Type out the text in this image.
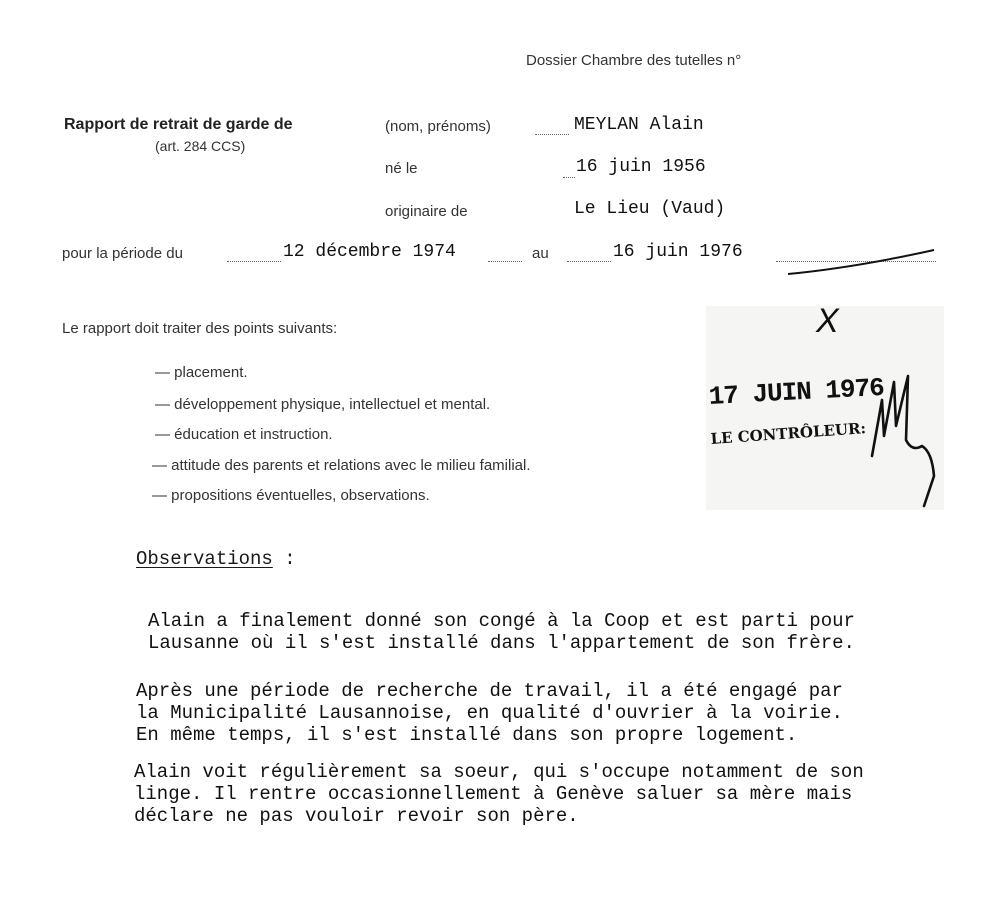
Dossier Chambre des tutelles n°
Rapport de retrait de garde de
(art. 284 CCS)
(nom, prénoms)	MEYLAN Alain
né le	16 juin 1956
originaire de	Le Lieu (Vaud)
pour la période du	12 décembre 1974	au	16 juin 1976
Le rapport doit traiter des points suivants:
— placement.
— développement physique, intellectuel et mental.
— éducation et instruction.
— attitude des parents et relations avec le milieu familial.
— propositions éventuelles, observations.
X
17 JUIN 1976
LE CONTRÔLEUR:
Observations :
Alain a finalement donné son congé à la Coop et est parti pour
Lausanne où il s'est installé dans l'appartement de son frère.
Après une période de recherche de travail, il a été engagé par
la Municipalité Lausannoise, en qualité d'ouvrier à la voirie.
En même temps, il s'est installé dans son propre logement.
Alain voit régulièrement sa soeur, qui s'occupe notamment de son
linge. Il rentre occasionnellement à Genève saluer sa mère mais
déclare ne pas vouloir revoir son père.
